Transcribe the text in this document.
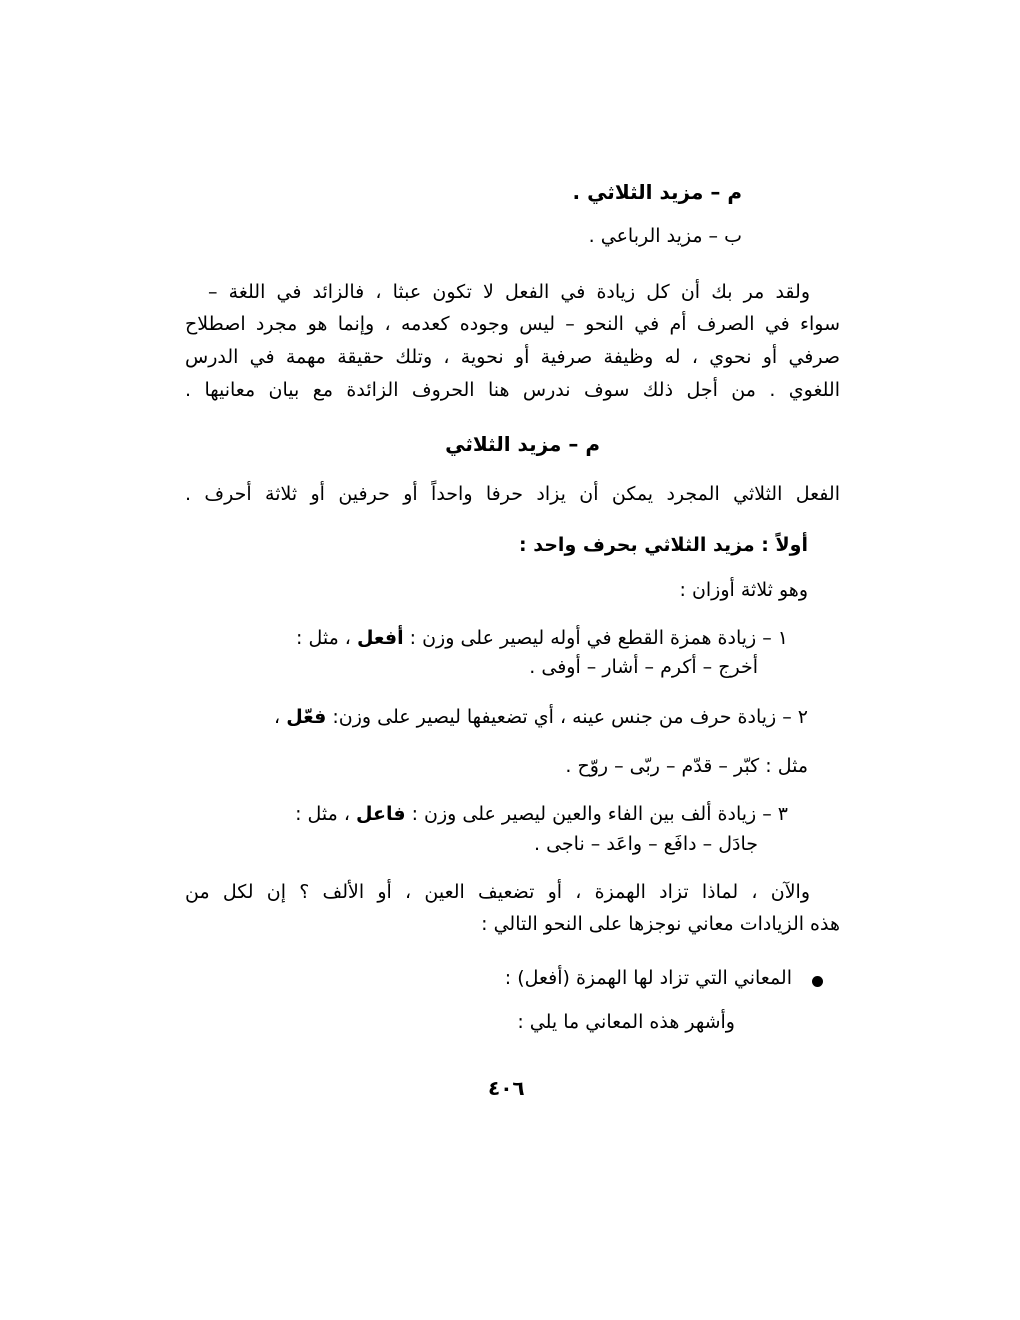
م – مزيد الثلاثي .
ب – مزيد الرباعي .
ولقد مر بك أن كل زيادة في الفعل لا تكون عبثا ، فالزائد في اللغة –
سواء في الصرف أم في النحو – ليس وجوده كعدمه ، وإنما هو مجرد اصطلاح
صرفي أو نحوي ، له وظيفة صرفية أو نحوية ، وتلك حقيقة مهمة في الدرس
اللغوي . من أجل ذلك سوف ندرس هنا الحروف الزائدة مع بيان معانيها .
م – مزيد الثلاثي
الفعل الثلاثي المجرد يمكن أن يزاد حرفا واحداً أو حرفين أو ثلاثة أحرف .
أولاً : مزيد الثلاثي بحرف واحد :
وهو ثلاثة أوزان :
١ – زيادة همزة القطع في أوله ليصير على وزن : أفعل ، مثل :
أخرج – أكرم – أشار – أوفى .
٢ – زيادة حرف من جنس عينه ، أي تضعيفها ليصير على وزن: فعّل ،
مثل : كبّر – قدّم – ربّى – روّح .
٣ – زيادة ألف بين الفاء والعين ليصير على وزن : فاعل ، مثل :
جادَل – دافَع – واعَد – ناجى .
والآن ، لماذا تزاد الهمزة ، أو تضعيف العين ، أو الألف ؟ إن لكل من
هذه الزيادات معاني نوجزها على النحو التالي :
المعاني التي تزاد لها الهمزة (أفعل) :
وأشهر هذه المعاني ما يلي :
٤٠٦
